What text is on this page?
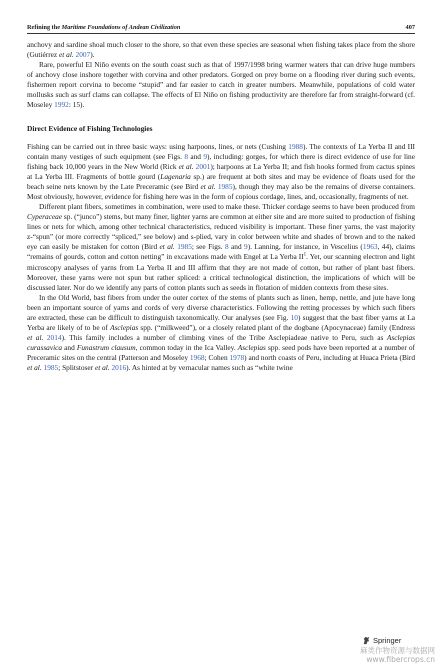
Refining the Maritime Foundations of Andean Civilization	407

anchovy and sardine shoal much closer to the shore, so that even these species are seasonal when fishing takes place from the shore (Gutiérrez et al. 2007).

Rare, powerful El Niño events on the south coast such as that of 1997/1998 bring warmer waters that can drive huge numbers of anchovy close inshore together with corvina and other predators. Gorged on prey borne on a flooding river during such events, fishermen report corvina to become “stupid” and far easier to catch in greater numbers. Meanwhile, populations of cold water mollusks such as surf clams can collapse. The effects of El Niño on fishing productivity are therefore far from straight-forward (cf. Moseley 1992: 15).

Direct Evidence of Fishing Technologies

Fishing can be carried out in three basic ways: using harpoons, lines, or nets (Cushing 1988). The contexts of La Yerba II and III contain many vestiges of such equipment (see Figs. 8 and 9), including: gorges, for which there is direct evidence of use for line fishing back 10,000 years in the New World (Rick et al. 2001); harpoons at La Yerba II; and fish hooks formed from cactus spines at La Yerba III. Fragments of bottle gourd (Lagenaria sp.) are frequent at both sites and may be evidence of floats used for the beach seine nets known by the Late Preceramic (see Bird et al. 1985), though they may also be the remains of diverse containers. Most obviously, however, evidence for fishing here was in the form of copious cordage, lines, and, occasionally, fragments of net.

Different plant fibers, sometimes in combination, were used to make these. Thicker cordage seems to have been produced from Cyperaceae sp. (“junco”) stems, but many finer, lighter yarns are common at either site and are more suited to production of fishing lines or nets for which, among other technical characteristics, reduced visibility is important. These finer yarns, the vast majority z-“spun” (or more correctly “spliced,” see below) and s-plied, vary in color between white and shades of brown and to the naked eye can easily be mistaken for cotton (Bird et al. 1985; see Figs. 8 and 9). Lanning, for instance, in Vescelius (1963, 44), claims “remains of gourds, cotton and cotton netting” in excavations made with Engel at La Yerba $II^1$. Yet, our scanning electron and light microscopy analyses of yarns from La Yerba II and III affirm that they are not made of cotton, but rather of plant bast fibers. Moreover, these yarns were not spun but rather spliced: a critical technological distinction, the implications of which will be discussed later. Nor do we identify any parts of cotton plants such as seeds in flotation of midden contexts from these sites.

In the Old World, bast fibers from under the outer cortex of the stems of plants such as linen, hemp, nettle, and jute have long been an important source of yarns and cords of very diverse characteristics. Following the retting processes by which such fibers are extracted, these can be difficult to distinguish taxonomically. Our analyses (see Fig. 10) suggest that the bast fiber yarns at La Yerba are likely of to be of Asclepias spp. (“milkweed”), or a closely related plant of the dogbane (Apocynaceae) family (Endress et al. 2014). This family includes a number of climbing vines of the Tribe Asclepiadeae native to Peru, such as Asclepias curassavica and Funastrum clausum, common today in the Ica Valley. Asclepias spp. seed pods have been reported at a number of Preceramic sites on the central (Patterson and Moseley 1968; Cohen 1978) and north coasts of Peru, including at Huaca Prieta (Bird et al. 1985; Splitstoser et al. 2016). As hinted at by vernacular names such as “white twine

Springer
麻类作物资源与数据网
www.fibercrops.cn
